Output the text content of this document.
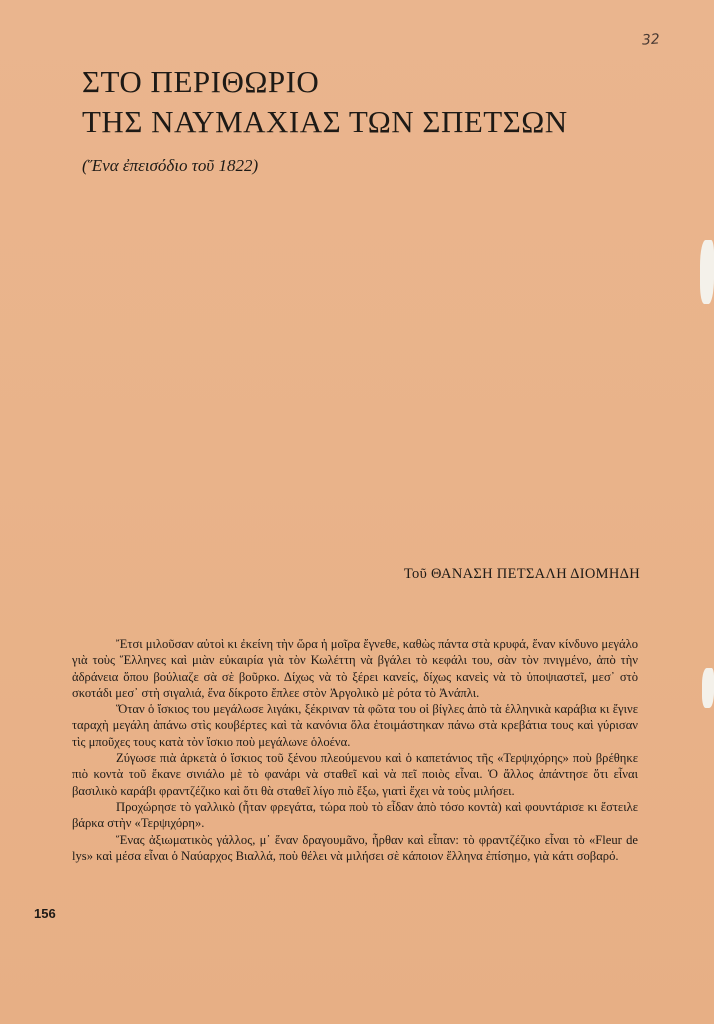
32
ΣΤΟ ΠΕΡΙΘΩΡΙΟ
ΤΗΣ ΝΑΥΜΑΧΙΑΣ ΤΩΝ ΣΠΕΤΣΩΝ
(Ἕνα ἐπεισόδιο τοῦ 1822)
Τοῦ ΘΑΝΑΣΗ ΠΕΤΣΑΛΗ ΔΙΟΜΗΔΗ

Ἔτσι μιλοῦσαν αὐτοὶ κι ἐκείνη τὴν ὥρα ἡ μοῖρα ἔγνεθε, καθὼς πάντα στὰ κρυφά, ἕναν κίνδυνο μεγάλο γιὰ τοὺς Ἕλληνες καὶ μιὰν εὐκαιρία γιὰ τὸν Κωλέττη νὰ βγάλει τὸ κεφάλι του, σὰν τὸν πνιγμένο, ἀπὸ τὴν ἀδράνεια ὅπου βούλιαζε σὰ σὲ βοῦρκο. Δίχως νὰ τὸ ξέρει κανείς, δίχως κανεὶς νὰ τὸ ὑποψιαστεῖ, μεσ᾽ στὸ σκοτάδι μεσ᾽ στὴ σιγαλιά, ἕνα δίκροτο ἔπλεε στὸν Ἀργολικὸ μὲ ρότα τὸ Ἀνάπλι.

Ὅταν ὁ ἴσκιος του μεγάλωσε λιγάκι, ξέκριναν τὰ φῶτα του οἱ βίγλες ἀπὸ τὰ ἑλληνικὰ καράβια κι ἔγινε ταραχὴ μεγάλη ἀπάνω στὶς κουβέρτες καὶ τὰ κανόνια ὅλα ἑτοιμάστηκαν πάνω στὰ κρεβάτια τους καὶ γύρισαν τὶς μποῦχες τους κατὰ τὸν ἴσκιο ποὺ μεγάλωνε ὁλοένα.

Ζύγωσε πιὰ ἀρκετὰ ὁ ἴσκιος τοῦ ξένου πλεούμενου καὶ ὁ καπετάνιος τῆς «Τερψιχόρης» ποὺ βρέθηκε πιὸ κοντὰ τοῦ ἔκανε σινιάλο μὲ τὸ φανάρι νὰ σταθεῖ καὶ νὰ πεῖ ποιὸς εἶναι. Ὁ ἄλλος ἀπάντησε ὅτι εἶναι βασιλικὸ καράβι φραντζέζικο καὶ ὅτι θὰ σταθεῖ λίγο πιὸ ἔξω, γιατὶ ἔχει νὰ τοὺς μιλήσει.

Προχώρησε τὸ γαλλικὸ (ἦταν φρεγάτα, τώρα ποὺ τὸ εἶδαν ἀπὸ τόσο κοντὰ) καὶ φουντάρισε κι ἔστειλε βάρκα στὴν «Τερψιχόρη».

Ἕνας ἀξιωματικὸς γάλλος, μ᾽ ἕναν δραγουμᾶνο, ἦρθαν καὶ εἶπαν: τὸ φραντζέζικο εἶναι τὸ «Fleur de lys» καὶ μέσα εἶναι ὁ Ναύαρχος Βιαλλά, ποὺ θέλει νὰ μιλήσει σὲ κάποιον ἕλληνα ἐπίσημο, γιὰ κάτι σοβαρό.

156
